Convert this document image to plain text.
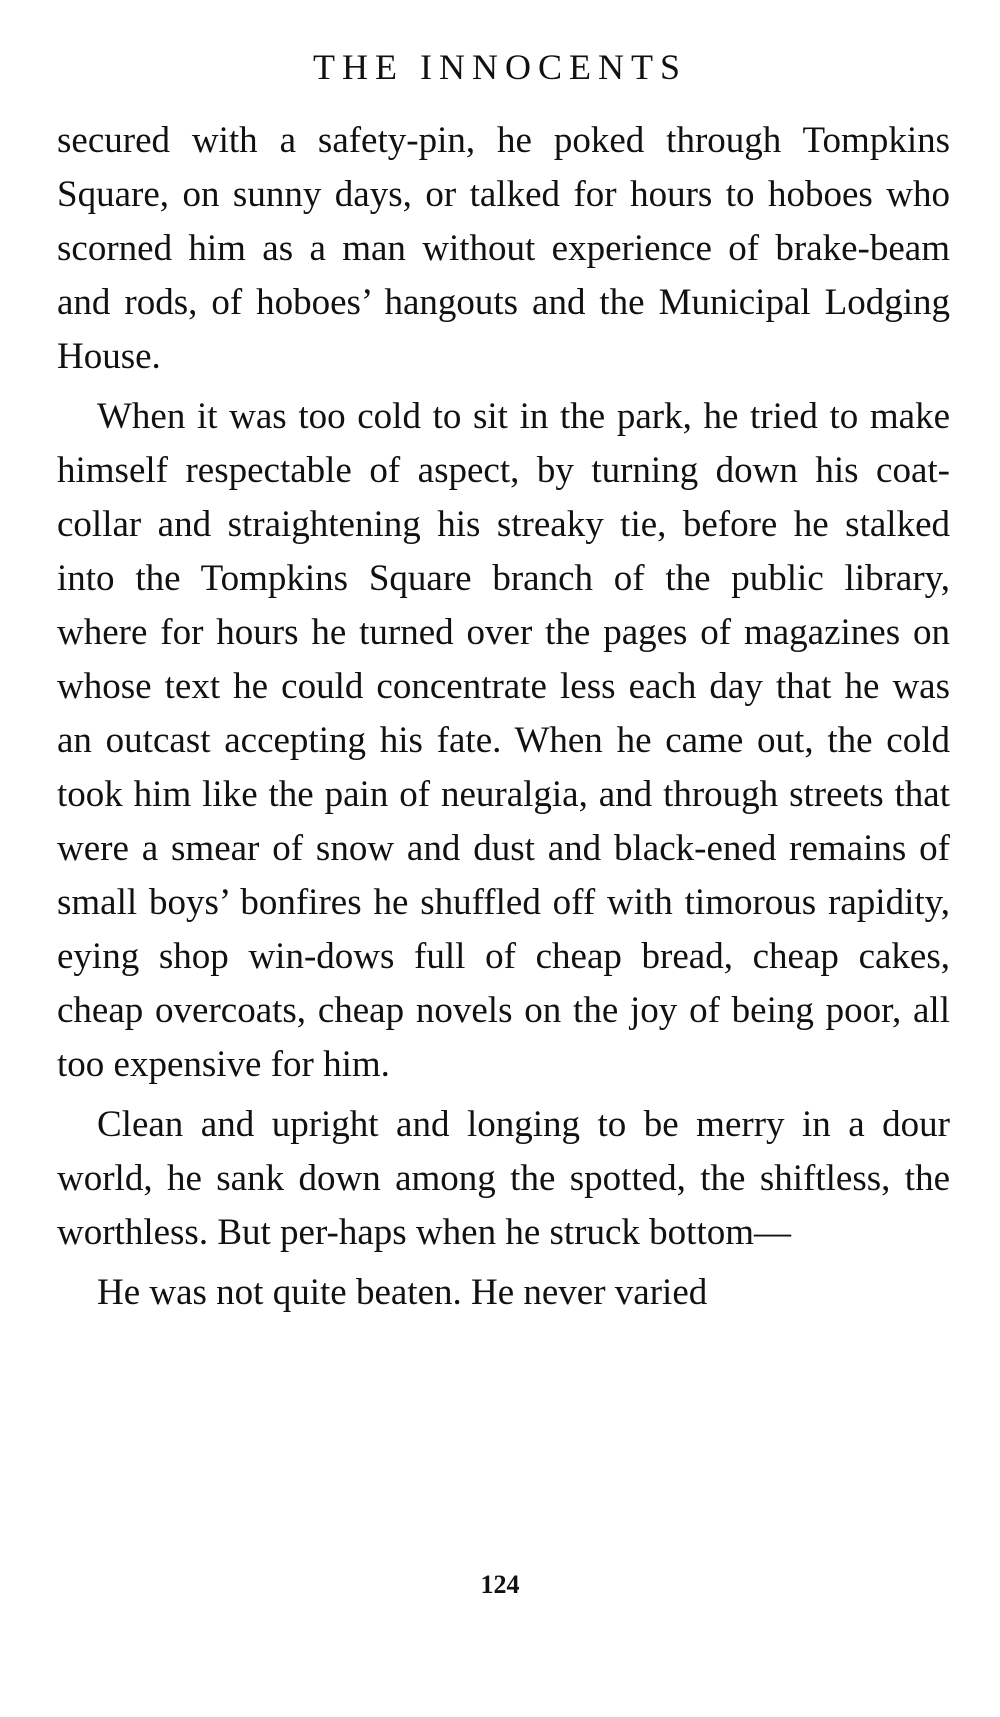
THE INNOCENTS

secured with a safety-pin, he poked through Tompkins Square, on sunny days, or talked for hours to hoboes who scorned him as a man without experience of brake-beam and rods, of hoboes’ hangouts and the Municipal Lodging House.

When it was too cold to sit in the park, he tried to make himself respectable of aspect, by turning down his coat-collar and straightening his streaky tie, before he stalked into the Tompkins Square branch of the public library, where for hours he turned over the pages of magazines on whose text he could concentrate less each day that he was an outcast accepting his fate. When he came out, the cold took him like the pain of neuralgia, and through streets that were a smear of snow and dust and black-ened remains of small boys’ bonfires he shuffled off with timorous rapidity, eying shop win-dows full of cheap bread, cheap cakes, cheap overcoats, cheap novels on the joy of being poor, all too expensive for him.

Clean and upright and longing to be merry in a dour world, he sank down among the spotted, the shiftless, the worthless. But per-haps when he struck bottom—

He was not quite beaten. He never varied

124
